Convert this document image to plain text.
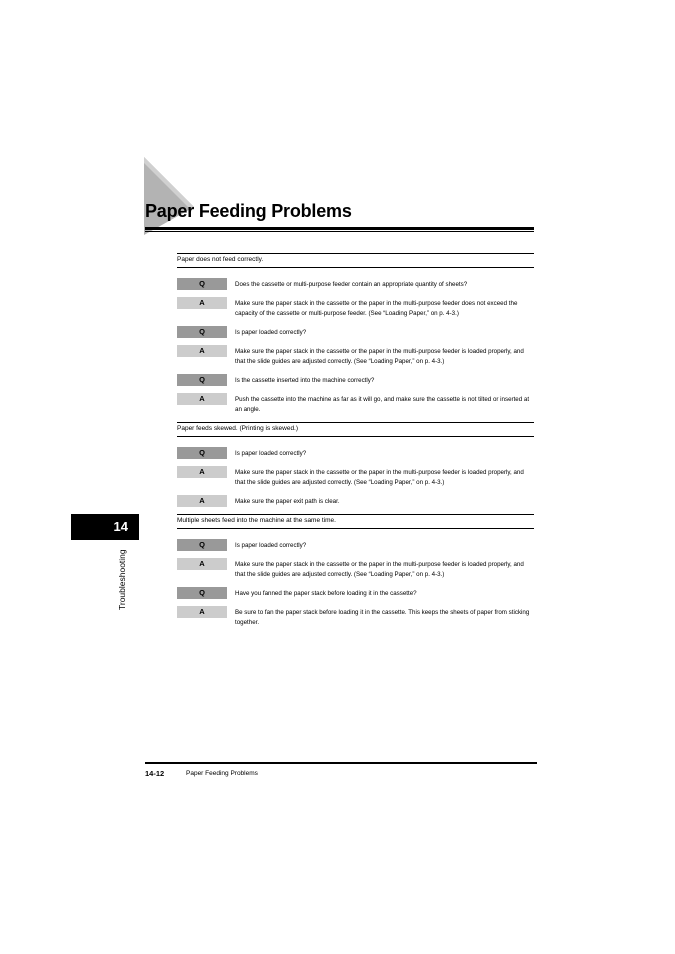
Paper Feeding Problems
Paper does not feed correctly.
Q	Does the cassette or multi-purpose feeder contain an appropriate quantity of sheets?
A	Make sure the paper stack in the cassette or the paper in the multi-purpose feeder does not exceed the capacity of the cassette or multi-purpose feeder. (See “Loading Paper,” on p. 4-3.)
Q	Is paper loaded correctly?
A	Make sure the paper stack in the cassette or the paper in the multi-purpose feeder is loaded properly, and that the slide guides are adjusted correctly. (See “Loading Paper,” on p. 4-3.)
Q	Is the cassette inserted into the machine correctly?
A	Push the cassette into the machine as far as it will go, and make sure the cassette is not tilted or inserted at an angle.
Paper feeds skewed. (Printing is skewed.)
Q	Is paper loaded correctly?
A	Make sure the paper stack in the cassette or the paper in the multi-purpose feeder is loaded properly, and that the slide guides are adjusted correctly. (See “Loading Paper,” on p. 4-3.)
A	Make sure the paper exit path is clear.
Multiple sheets feed into the machine at the same time.
Q	Is paper loaded correctly?
A	Make sure the paper stack in the cassette or the paper in the multi-purpose feeder is loaded properly, and that the slide guides are adjusted correctly. (See “Loading Paper,” on p. 4-3.)
Q	Have you fanned the paper stack before loading it in the cassette?
A	Be sure to fan the paper stack before loading it in the cassette. This keeps the sheets of paper from sticking together.
14
Troubleshooting
14-12	Paper Feeding Problems
